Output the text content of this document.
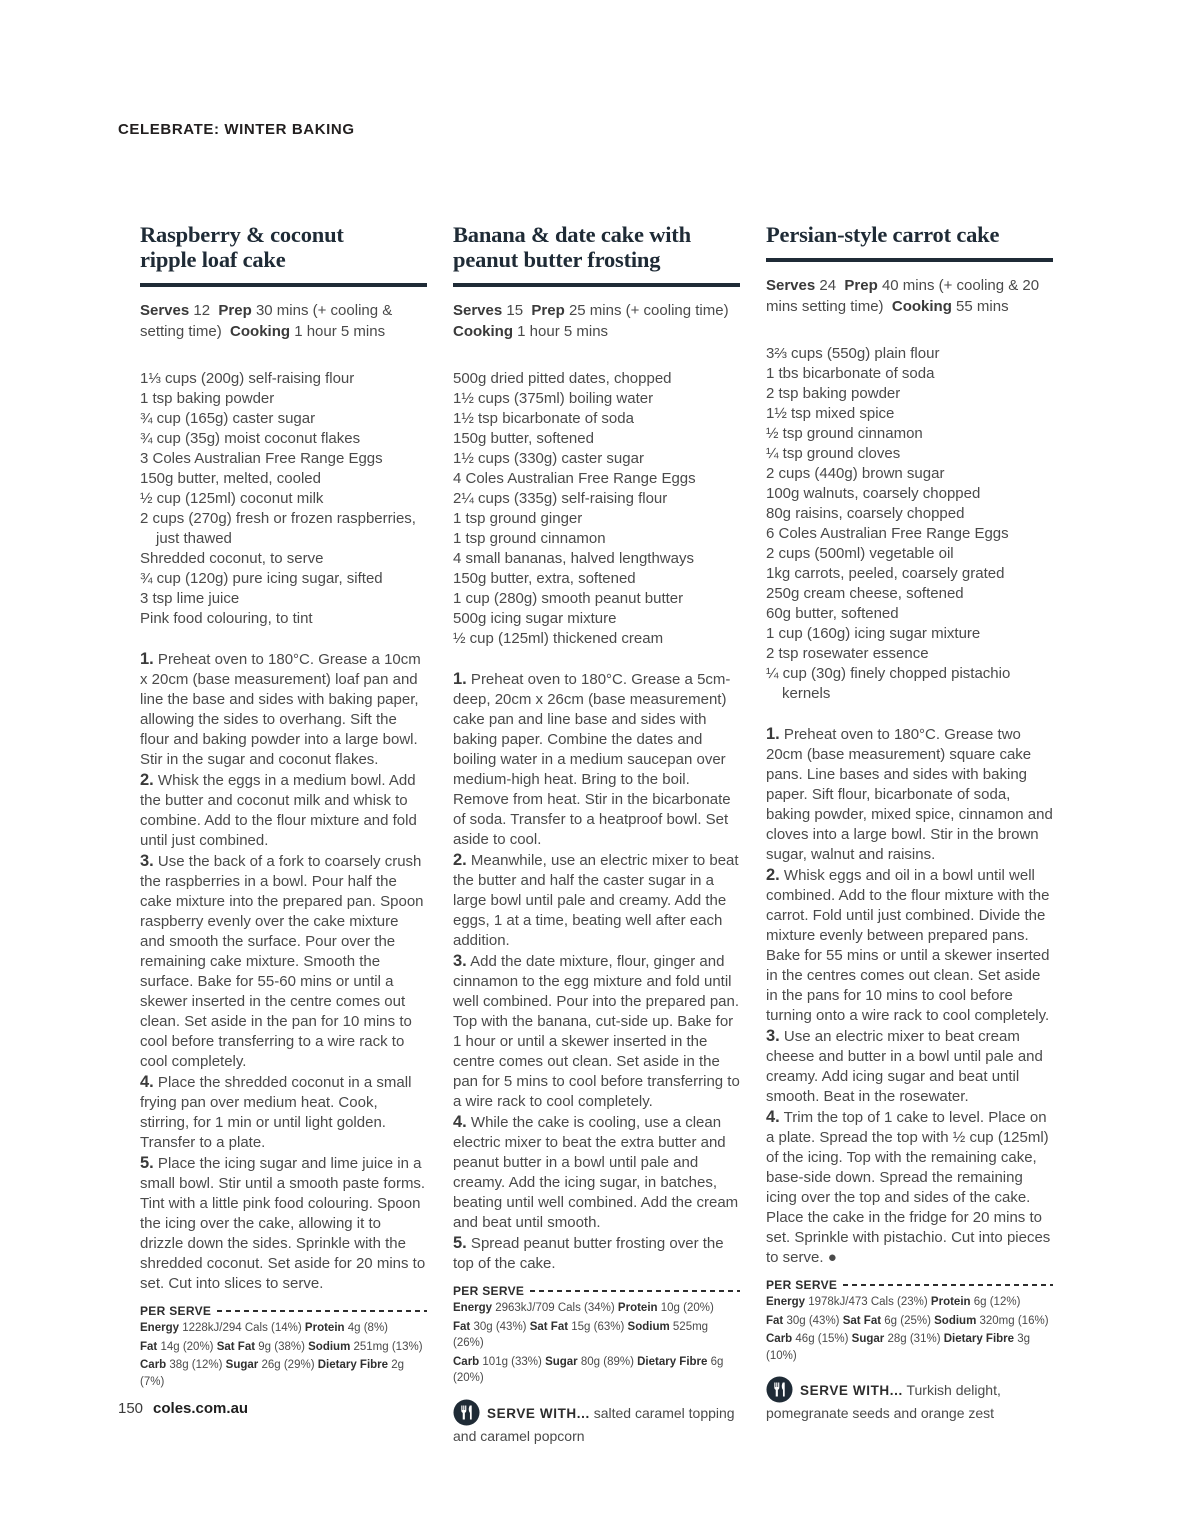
CELEBRATE: WINTER BAKING
Raspberry & coconut
ripple loaf cake

Serves 12  Prep 30 mins (+ cooling & setting time)  Cooking 1 hour 5 mins

1⅓ cups (200g) self-raising flour
1 tsp baking powder
¾ cup (165g) caster sugar
¾ cup (35g) moist coconut flakes
3 Coles Australian Free Range Eggs
150g butter, melted, cooled
½ cup (125ml) coconut milk
2 cups (270g) fresh or frozen raspberries, just thawed
Shredded coconut, to serve
¾ cup (120g) pure icing sugar, sifted
3 tsp lime juice
Pink food colouring, to tint

1. Preheat oven to 180°C. Grease a 10cm x 20cm (base measurement) loaf pan and line the base and sides with baking paper, allowing the sides to overhang. Sift the flour and baking powder into a large bowl. Stir in the sugar and coconut flakes.

2. Whisk the eggs in a medium bowl. Add the butter and coconut milk and whisk to combine. Add to the flour mixture and fold until just combined.

3. Use the back of a fork to coarsely crush the raspberries in a bowl. Pour half the cake mixture into the prepared pan. Spoon raspberry evenly over the cake mixture and smooth the surface. Pour over the remaining cake mixture. Smooth the surface. Bake for 55-60 mins or until a skewer inserted in the centre comes out clean. Set aside in the pan for 10 mins to cool before transferring to a wire rack to cool completely.

4. Place the shredded coconut in a small frying pan over medium heat. Cook, stirring, for 1 min or until light golden. Transfer to a plate.

5. Place the icing sugar and lime juice in a small bowl. Stir until a smooth paste forms. Tint with a little pink food colouring. Spoon the icing over the cake, allowing it to drizzle down the sides. Sprinkle with the shredded coconut. Set aside for 20 mins to set. Cut into slices to serve.

PER SERVE

Energy 1228kJ/294 Cals (14%) Protein 4g (8%)

Fat 14g (20%) Sat Fat 9g (38%) Sodium 251mg (13%)

Carb 38g (12%) Sugar 26g (29%) Dietary Fibre 2g (7%)

Banana & date cake with
peanut butter frosting

Serves 15  Prep 25 mins (+ cooling time)  Cooking 1 hour 5 mins

500g dried pitted dates, chopped
1½ cups (375ml) boiling water
1½ tsp bicarbonate of soda
150g butter, softened
1½ cups (330g) caster sugar
4 Coles Australian Free Range Eggs
2¼ cups (335g) self-raising flour
1 tsp ground ginger
1 tsp ground cinnamon
4 small bananas, halved lengthways
150g butter, extra, softened
1 cup (280g) smooth peanut butter
500g icing sugar mixture
½ cup (125ml) thickened cream

1. Preheat oven to 180°C. Grease a 5cm-deep, 20cm x 26cm (base measurement) cake pan and line base and sides with baking paper. Combine the dates and boiling water in a medium saucepan over medium-high heat. Bring to the boil. Remove from heat. Stir in the bicarbonate of soda. Transfer to a heatproof bowl. Set aside to cool.

2. Meanwhile, use an electric mixer to beat the butter and half the caster sugar in a large bowl until pale and creamy. Add the eggs, 1 at a time, beating well after each addition.

3. Add the date mixture, flour, ginger and cinnamon to the egg mixture and fold until well combined. Pour into the prepared pan. Top with the banana, cut-side up. Bake for 1 hour or until a skewer inserted in the centre comes out clean. Set aside in the pan for 5 mins to cool before transferring to a wire rack to cool completely.

4. While the cake is cooling, use a clean electric mixer to beat the extra butter and peanut butter in a bowl until pale and creamy. Add the icing sugar, in batches, beating until well combined. Add the cream and beat until smooth.

5. Spread peanut butter frosting over the top of the cake.

PER SERVE

Energy 2963kJ/709 Cals (34%) Protein 10g (20%)

Fat 30g (43%) Sat Fat 15g (63%) Sodium 525mg (26%)

Carb 101g (33%) Sugar 80g (89%) Dietary Fibre 6g (20%)

SERVE WITH... salted caramel topping and caramel popcorn

Persian-style carrot cake

Serves 24  Prep 40 mins (+ cooling & 20 mins setting time)  Cooking 55 mins

3⅔ cups (550g) plain flour
1 tbs bicarbonate of soda
2 tsp baking powder
1½ tsp mixed spice
½ tsp ground cinnamon
¼ tsp ground cloves
2 cups (440g) brown sugar
100g walnuts, coarsely chopped
80g raisins, coarsely chopped
6 Coles Australian Free Range Eggs
2 cups (500ml) vegetable oil
1kg carrots, peeled, coarsely grated
250g cream cheese, softened
60g butter, softened
1 cup (160g) icing sugar mixture
2 tsp rosewater essence
¼ cup (30g) finely chopped pistachio kernels

1. Preheat oven to 180°C. Grease two 20cm (base measurement) square cake pans. Line bases and sides with baking paper. Sift flour, bicarbonate of soda, baking powder, mixed spice, cinnamon and cloves into a large bowl. Stir in the brown sugar, walnut and raisins.

2. Whisk eggs and oil in a bowl until well combined. Add to the flour mixture with the carrot. Fold until just combined. Divide the mixture evenly between prepared pans. Bake for 55 mins or until a skewer inserted in the centres comes out clean. Set aside in the pans for 10 mins to cool before turning onto a wire rack to cool completely.

3. Use an electric mixer to beat cream cheese and butter in a bowl until pale and creamy. Add icing sugar and beat until smooth. Beat in the rosewater.

4. Trim the top of 1 cake to level. Place on a plate. Spread the top with ½ cup (125ml) of the icing. Top with the remaining cake, base-side down. Spread the remaining icing over the top and sides of the cake. Place the cake in the fridge for 20 mins to set. Sprinkle with pistachio. Cut into pieces to serve. ●

PER SERVE

Energy 1978kJ/473 Cals (23%) Protein 6g (12%)

Fat 30g (43%) Sat Fat 6g (25%) Sodium 320mg (16%)

Carb 46g (15%) Sugar 28g (31%) Dietary Fibre 3g (10%)

SERVE WITH... Turkish delight, pomegranate seeds and orange zest

150 coles.com.au
